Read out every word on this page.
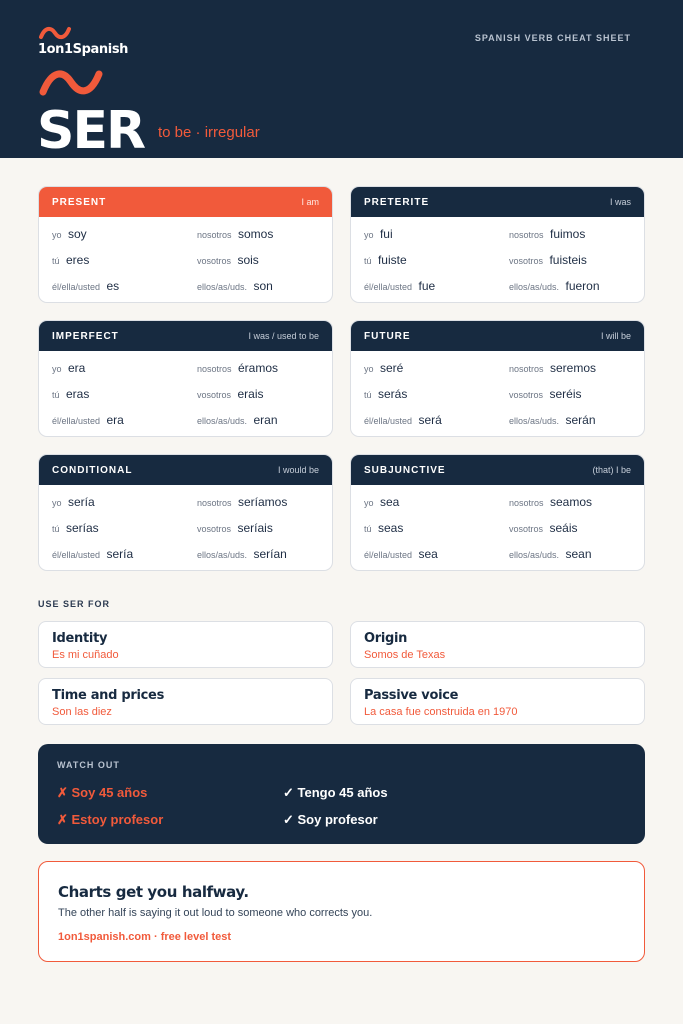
1on1Spanish
SPANISH VERB CHEAT SHEET
SER to be · irregular
PRESENT	I am
yo soy	nosotros somos
tú eres	vosotros sois
él/ella/usted es	ellos/as/uds. son
PRETERITE	I was
yo fui	nosotros fuimos
tú fuiste	vosotros fuisteis
él/ella/usted fue	ellos/as/uds. fueron
IMPERFECT	I was / used to be
yo era	nosotros éramos
tú eras	vosotros erais
él/ella/usted era	ellos/as/uds. eran
FUTURE	I will be
yo seré	nosotros seremos
tú serás	vosotros seréis
él/ella/usted será	ellos/as/uds. serán
CONDITIONAL	I would be
yo sería	nosotros seríamos
tú serías	vosotros seríais
él/ella/usted sería	ellos/as/uds. serían
SUBJUNCTIVE	(that) I be
yo sea	nosotros seamos
tú seas	vosotros seáis
él/ella/usted sea	ellos/as/uds. sean
USE SER FOR
Identity
Es mi cuñado
Origin
Somos de Texas
Time and prices
Son las diez
Passive voice
La casa fue construida en 1970
WATCH OUT
✗ Soy 45 años	✓ Tengo 45 años
✗ Estoy profesor	✓ Soy profesor
Charts get you halfway.
The other half is saying it out loud to someone who corrects you.
1on1spanish.com · free level test
